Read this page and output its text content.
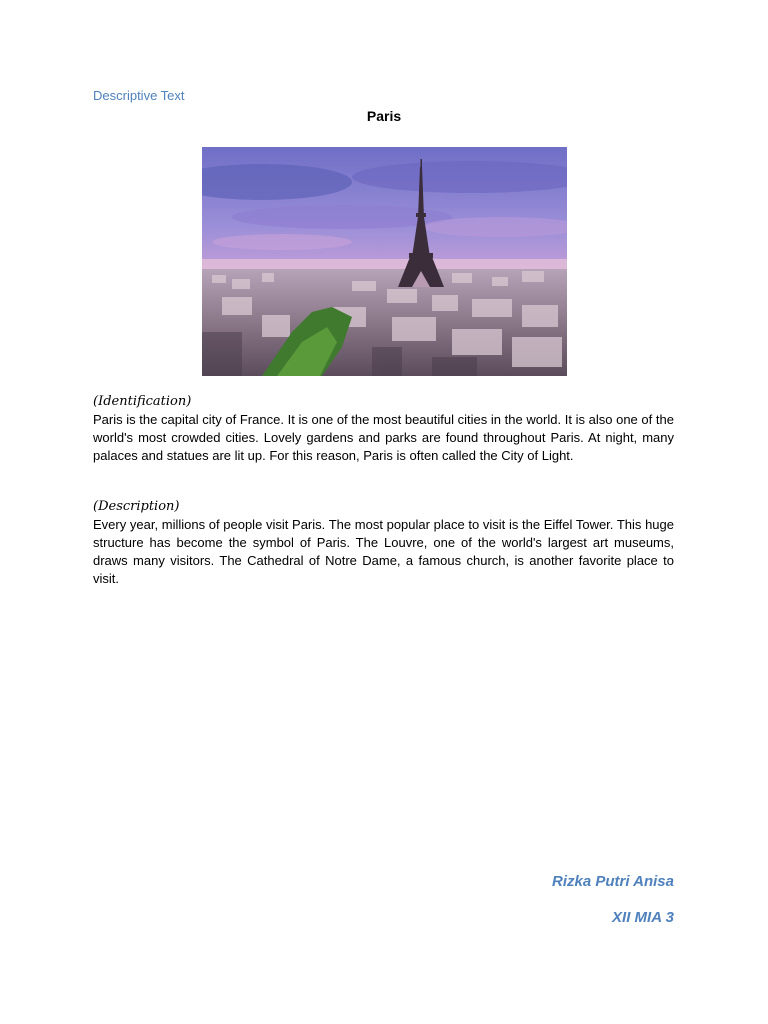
Descriptive Text
Paris
(Identification)
Paris is the capital city of France. It is one of the most beautiful cities in the world. It is also one of the world's most crowded cities. Lovely gardens and parks are found throughout Paris. At night, many palaces and statues are lit up. For this reason, Paris is often called the City of Light.
(Description)
Every year, millions of people visit Paris. The most popular place to visit is the Eiffel Tower. This huge structure has become the symbol of Paris. The Louvre, one of the world's largest art museums, draws many visitors. The Cathedral of Notre Dame, a famous church, is another favorite place to visit.
Rizka Putri Anisa
XII MIA 3
